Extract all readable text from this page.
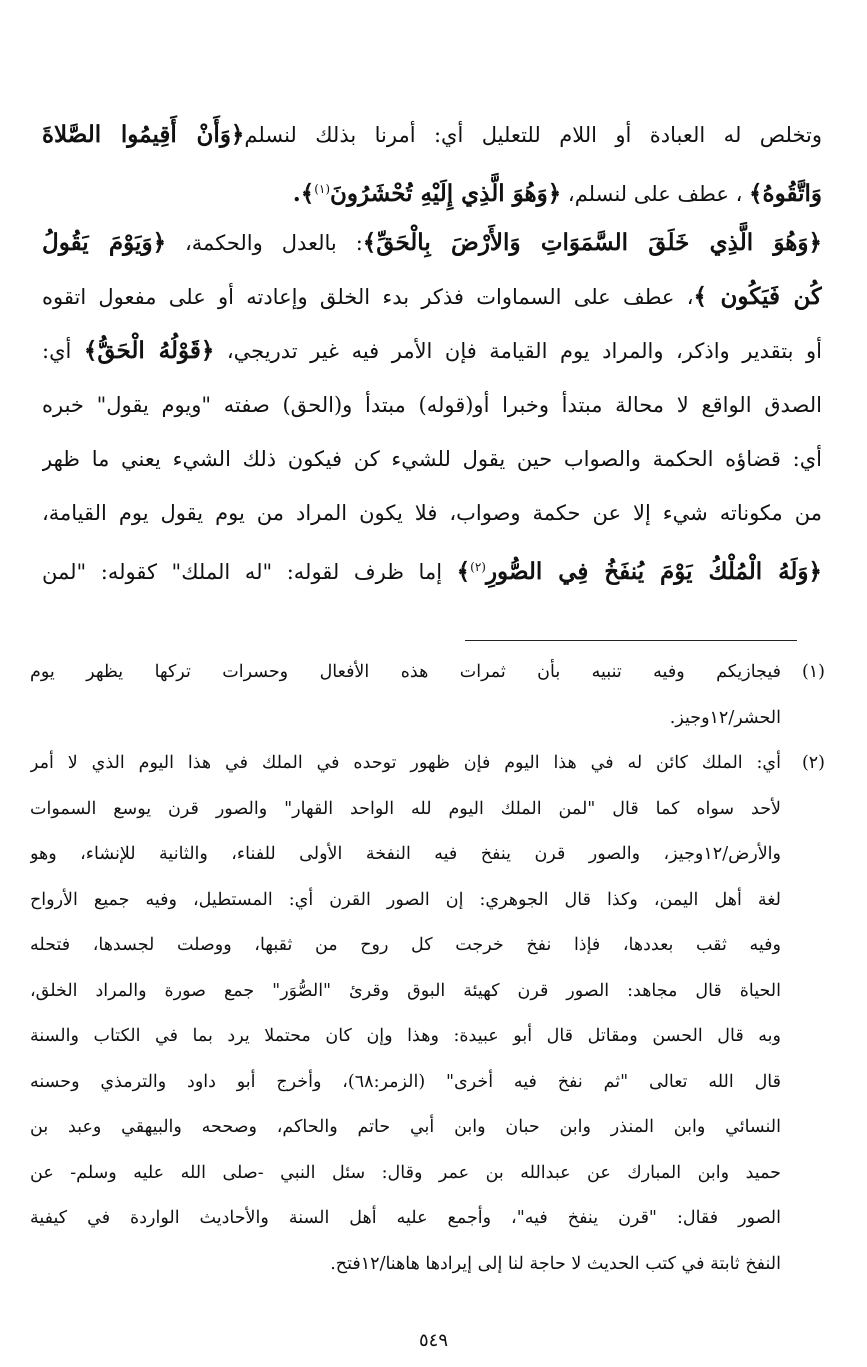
وتخلص له العبادة أو اللام للتعليل أي: أمرنا بذلك لنسلم﴿وَأَنْ أَقِيمُوا الصَّلاةَ
وَاتَّقُوهُ﴾ ، عطف على لنسلم، ﴿وَهُوَ الَّذِي إِلَيْهِ تُحْشَرُونَ$^{(١)}$﴾.
﴿وَهُوَ الَّذِي خَلَقَ السَّمَوَاتِ وَالأَرْضَ بِالْحَقِّ﴾: بالعدل والحكمة، ﴿وَيَوْمَ يَقُولُ
كُن فَيَكُون ﴾، عطف على السماوات فذكر بدء الخلق وإعادته أو على مفعول اتقوه
أو بتقدير واذكر، والمراد يوم القيامة فإن الأمر فيه غير تدريجي، ﴿قَوْلُهُ الْحَقُّ﴾ أي:
الصدق الواقع لا محالة مبتدأ وخبرا أو(قوله) مبتدأ و(الحق) صفته "ويوم يقول" خبره
أي: قضاؤه الحكمة والصواب حين يقول للشيء كن فيكون ذلك الشيء يعني ما ظهر
من مكوناته شيء إلا عن حكمة وصواب، فلا يكون المراد من يوم يقول يوم القيامة،
﴿وَلَهُ الْمُلْكُ يَوْمَ يُنفَخُ فِي الصُّورِ$^{(٢)}$﴾ إما ظرف لقوله: "له الملك" كقوله: "لمن
(١)فيجازيكم وفيه تنبيه بأن ثمرات هذه الأفعال وحسرات تركها يظهر يوم
الحشر/١٢وجيز.
(٢)أي: الملك كائن له في هذا اليوم فإن ظهور توحده في الملك في هذا اليوم الذي لا أمر
لأحد سواه كما قال "لمن الملك اليوم لله الواحد القهار" والصور قرن يوسع السموات
والأرض/١٢وجيز، والصور قرن ينفخ فيه النفخة الأولى للفناء، والثانية للإنشاء، وهو
لغة أهل اليمن، وكذا قال الجوهري: إن الصور القرن أي: المستطيل، وفيه جميع الأرواح
وفيه ثقب بعددها، فإذا نفخ خرجت كل روح من ثقبها، ووصلت لجسدها، فتحله
الحياة قال مجاهد: الصور قرن كهيئة البوق وقرئ "الصُّوَر" جمع صورة والمراد الخلق،
وبه قال الحسن ومقاتل قال أبو عبيدة: وهذا وإن كان محتملا يرد بما في الكتاب والسنة
قال الله تعالى "ثم نفخ فيه أخرى" (الزمر:٦٨)، وأخرج أبو داود والترمذي وحسنه
النسائي وابن المنذر وابن حبان وابن أبي حاتم والحاكم، وصححه والبيهقي وعبد بن
حميد وابن المبارك عن عبدالله بن عمر وقال: سئل النبي -صلى الله عليه وسلم- عن
الصور فقال: "قرن ينفخ فيه"، وأجمع عليه أهل السنة والأحاديث الواردة في كيفية
النفخ ثابتة في كتب الحديث لا حاجة لنا إلى إيرادها هاهنا/١٢فتح.
٥٤٩
